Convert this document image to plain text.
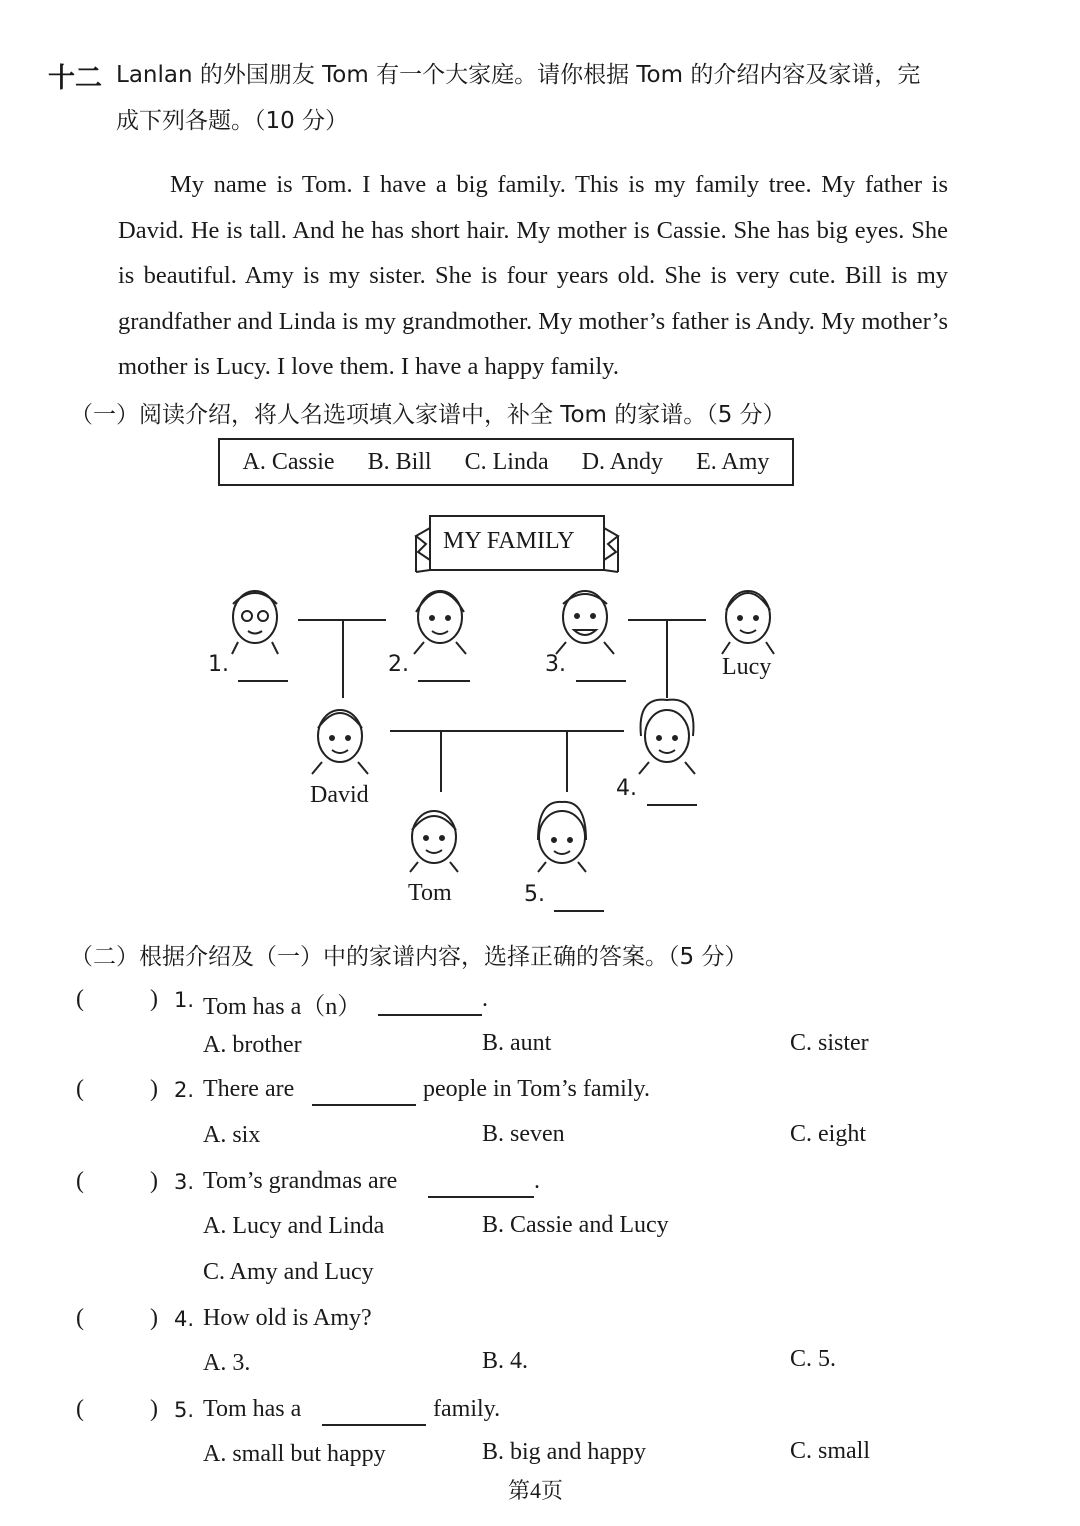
十二 Lanlan 的外国朋友 Tom 有一个大家庭。请你根据 Tom 的介绍内容及家谱，完
成下列各题。（10 分）
My name is Tom. I have a big family. This is my family tree. My father is David. He is tall. And he has short hair. My mother is Cassie. She has big eyes. She is beautiful. Amy is my sister. She is four years old. She is very cute. Bill is my grandfather and Linda is my grandmother. My mother’s father is Andy. My mother’s mother is Lucy. I love them. I have a happy family.
（一）阅读介绍，将人名选项填入家谱中，补全 Tom 的家谱。（5 分）
A. Cassie B. Bill C. Linda D. Andy E. Amy
MY FAMILY
1.	2.	3.	Lucy
David	4.
Tom	5.
（二）根据介绍及（一）中的家谱内容，选择正确的答案。（5 分）
(	) 1. Tom has a（n）	.
A. brother	B. aunt	C. sister
(	) 2. There are	people in Tom’s family.
A. six	B. seven	C. eight
(	) 3. Tom’s grandmas are	.
A. Lucy and Linda	B. Cassie and Lucy
C. Amy and Lucy
(	) 4. How old is Amy?
A. 3.	B. 4.	C. 5.
(	) 5. Tom has a	family.
A. small but happy	B. big and happy	C. small
第4页
